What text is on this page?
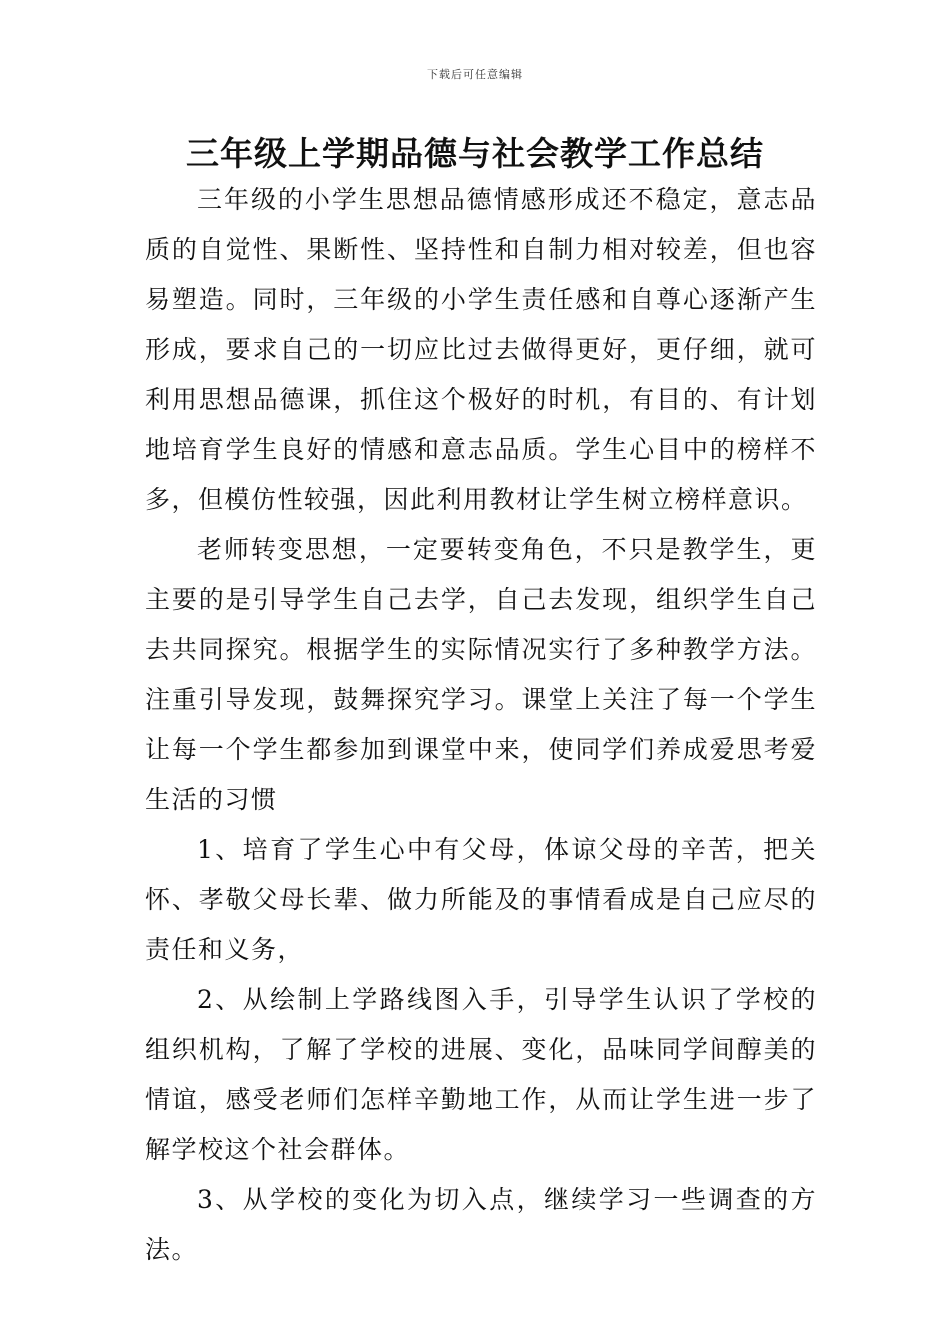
下载后可任意编辑
三年级上学期品德与社会教学工作总结

三年级的小学生思想品德情感形成还不稳定，意志品质的自觉性、果断性、坚持性和自制力相对较差，但也容易塑造。同时，三年级的小学生责任感和自尊心逐渐产生形成，要求自己的一切应比过去做得更好，更仔细，就可利用思想品德课，抓住这个极好的时机，有目的、有计划地培育学生良好的情感和意志品质。学生心目中的榜样不多，但模仿性较强，因此利用教材让学生树立榜样意识。

老师转变思想，一定要转变角色，不只是教学生，更主要的是引导学生自己去学，自己去发现，组织学生自己去共同探究。根据学生的实际情况实行了多种教学方法。注重引导发现，鼓舞探究学习。课堂上关注了每一个学生让每一个学生都参加到课堂中来，使同学们养成爱思考爱生活的习惯

1、培育了学生心中有父母，体谅父母的辛苦，把关怀、孝敬父母长辈、做力所能及的事情看成是自己应尽的责任和义务，

2、从绘制上学路线图入手，引导学生认识了学校的组织机构，了解了学校的进展、变化，品味同学间醇美的情谊，感受老师们怎样辛勤地工作，从而让学生进一步了解学校这个社会群体。

3、从学校的变化为切入点，继续学习一些调查的方法。
